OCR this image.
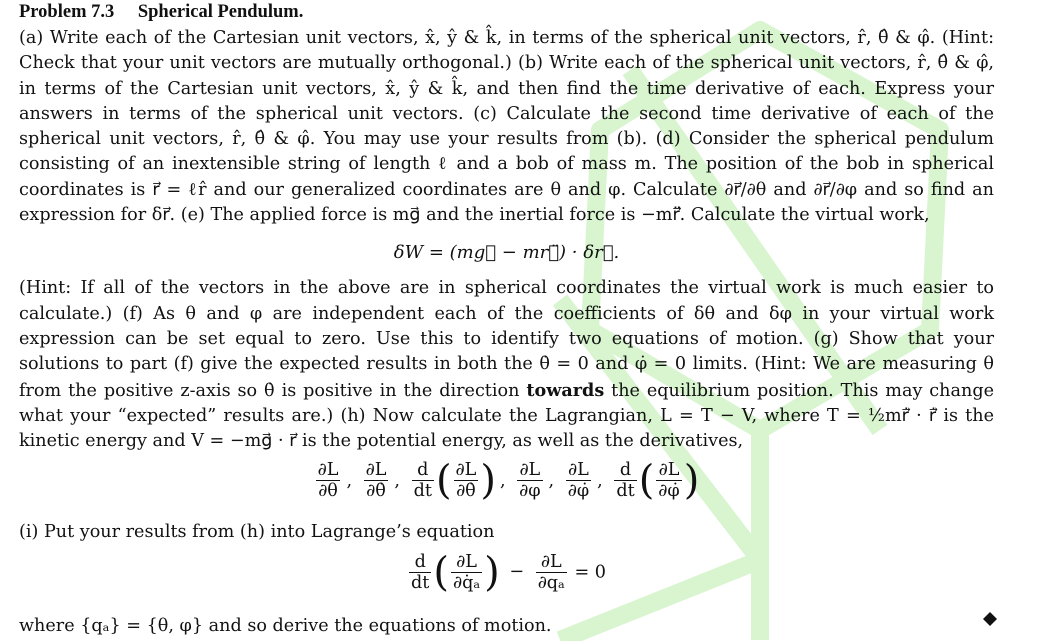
Problem 7.3 Spherical Pendulum.

(a) Write each of the Cartesian unit vectors, x̂, ŷ & k̂, in terms of the spherical unit vectors, r̂, θ̂ & φ̂. (Hint: Check that your unit vectors are mutually orthogonal.) (b) Write each of the spherical unit vectors, r̂, θ̂ & φ̂, in terms of the Cartesian unit vectors, x̂, ŷ & k̂, and then find the time derivative of each. Express your answers in terms of the spherical unit vectors. (c) Calculate the second time derivative of each of the spherical unit vectors, r̂, θ̂ & φ̂. You may use your results from (b). (d) Consider the spherical pendulum consisting of an inextensible string of length ℓ and a bob of mass m. The position of the bob in spherical coordinates is r⃗ = ℓr̂ and our generalized coordinates are θ and φ. Calculate ∂r⃗/∂θ and ∂r⃗/∂φ and so find an expression for δr⃗. (e) The applied force is mg⃗ and the inertial force is −mr⃗̈. Calculate the virtual work,

δW = (mg⃗ − mr⃗̈) · δr⃗.

(Hint: If all of the vectors in the above are in spherical coordinates the virtual work is much easier to calculate.) (f) As θ and φ are independent each of the coefficients of δθ and δφ in your virtual work expression can be set equal to zero. Use this to identify two equations of motion. (g) Show that your solutions to part (f) give the expected results in both the θ̇ = 0 and φ̇ = 0 limits. (Hint: We are measuring θ from the positive z-axis so θ̇ is positive in the direction towards the equilibrium position. This may change what your “expected” results are.) (h) Now calculate the Lagrangian, L = T − V, where T = ½mr⃗̇ · r⃗̇ is the kinetic energy and V = −mg⃗ · r⃗ is the potential energy, as well as the derivatives,

$\frac{\partial L}{\partial\theta}$ , $\frac{\partial L}{\partial\thetȧ}$ , $\frac{d}{dt}$ ( $\frac{\partial L}{\partial\thetȧ}$ ) , $\frac{\partial L}{\partial\varphi}$ , $\frac{\partial L}{\partial\varphi̇}$ , $\frac{d}{dt}$ ( $\frac{\partial L}{\partial\varphi̇}$ )

(i) Put your results from (h) into Lagrange’s equation

$\frac{d}{dt}$ ( $\frac{\partial L}{\text{∂q̇ₐ}}$ ) − $\frac{\partial L}{\text{∂qₐ}} = 0$

where {qₐ} = {θ, φ} and so derive the equations of motion.
